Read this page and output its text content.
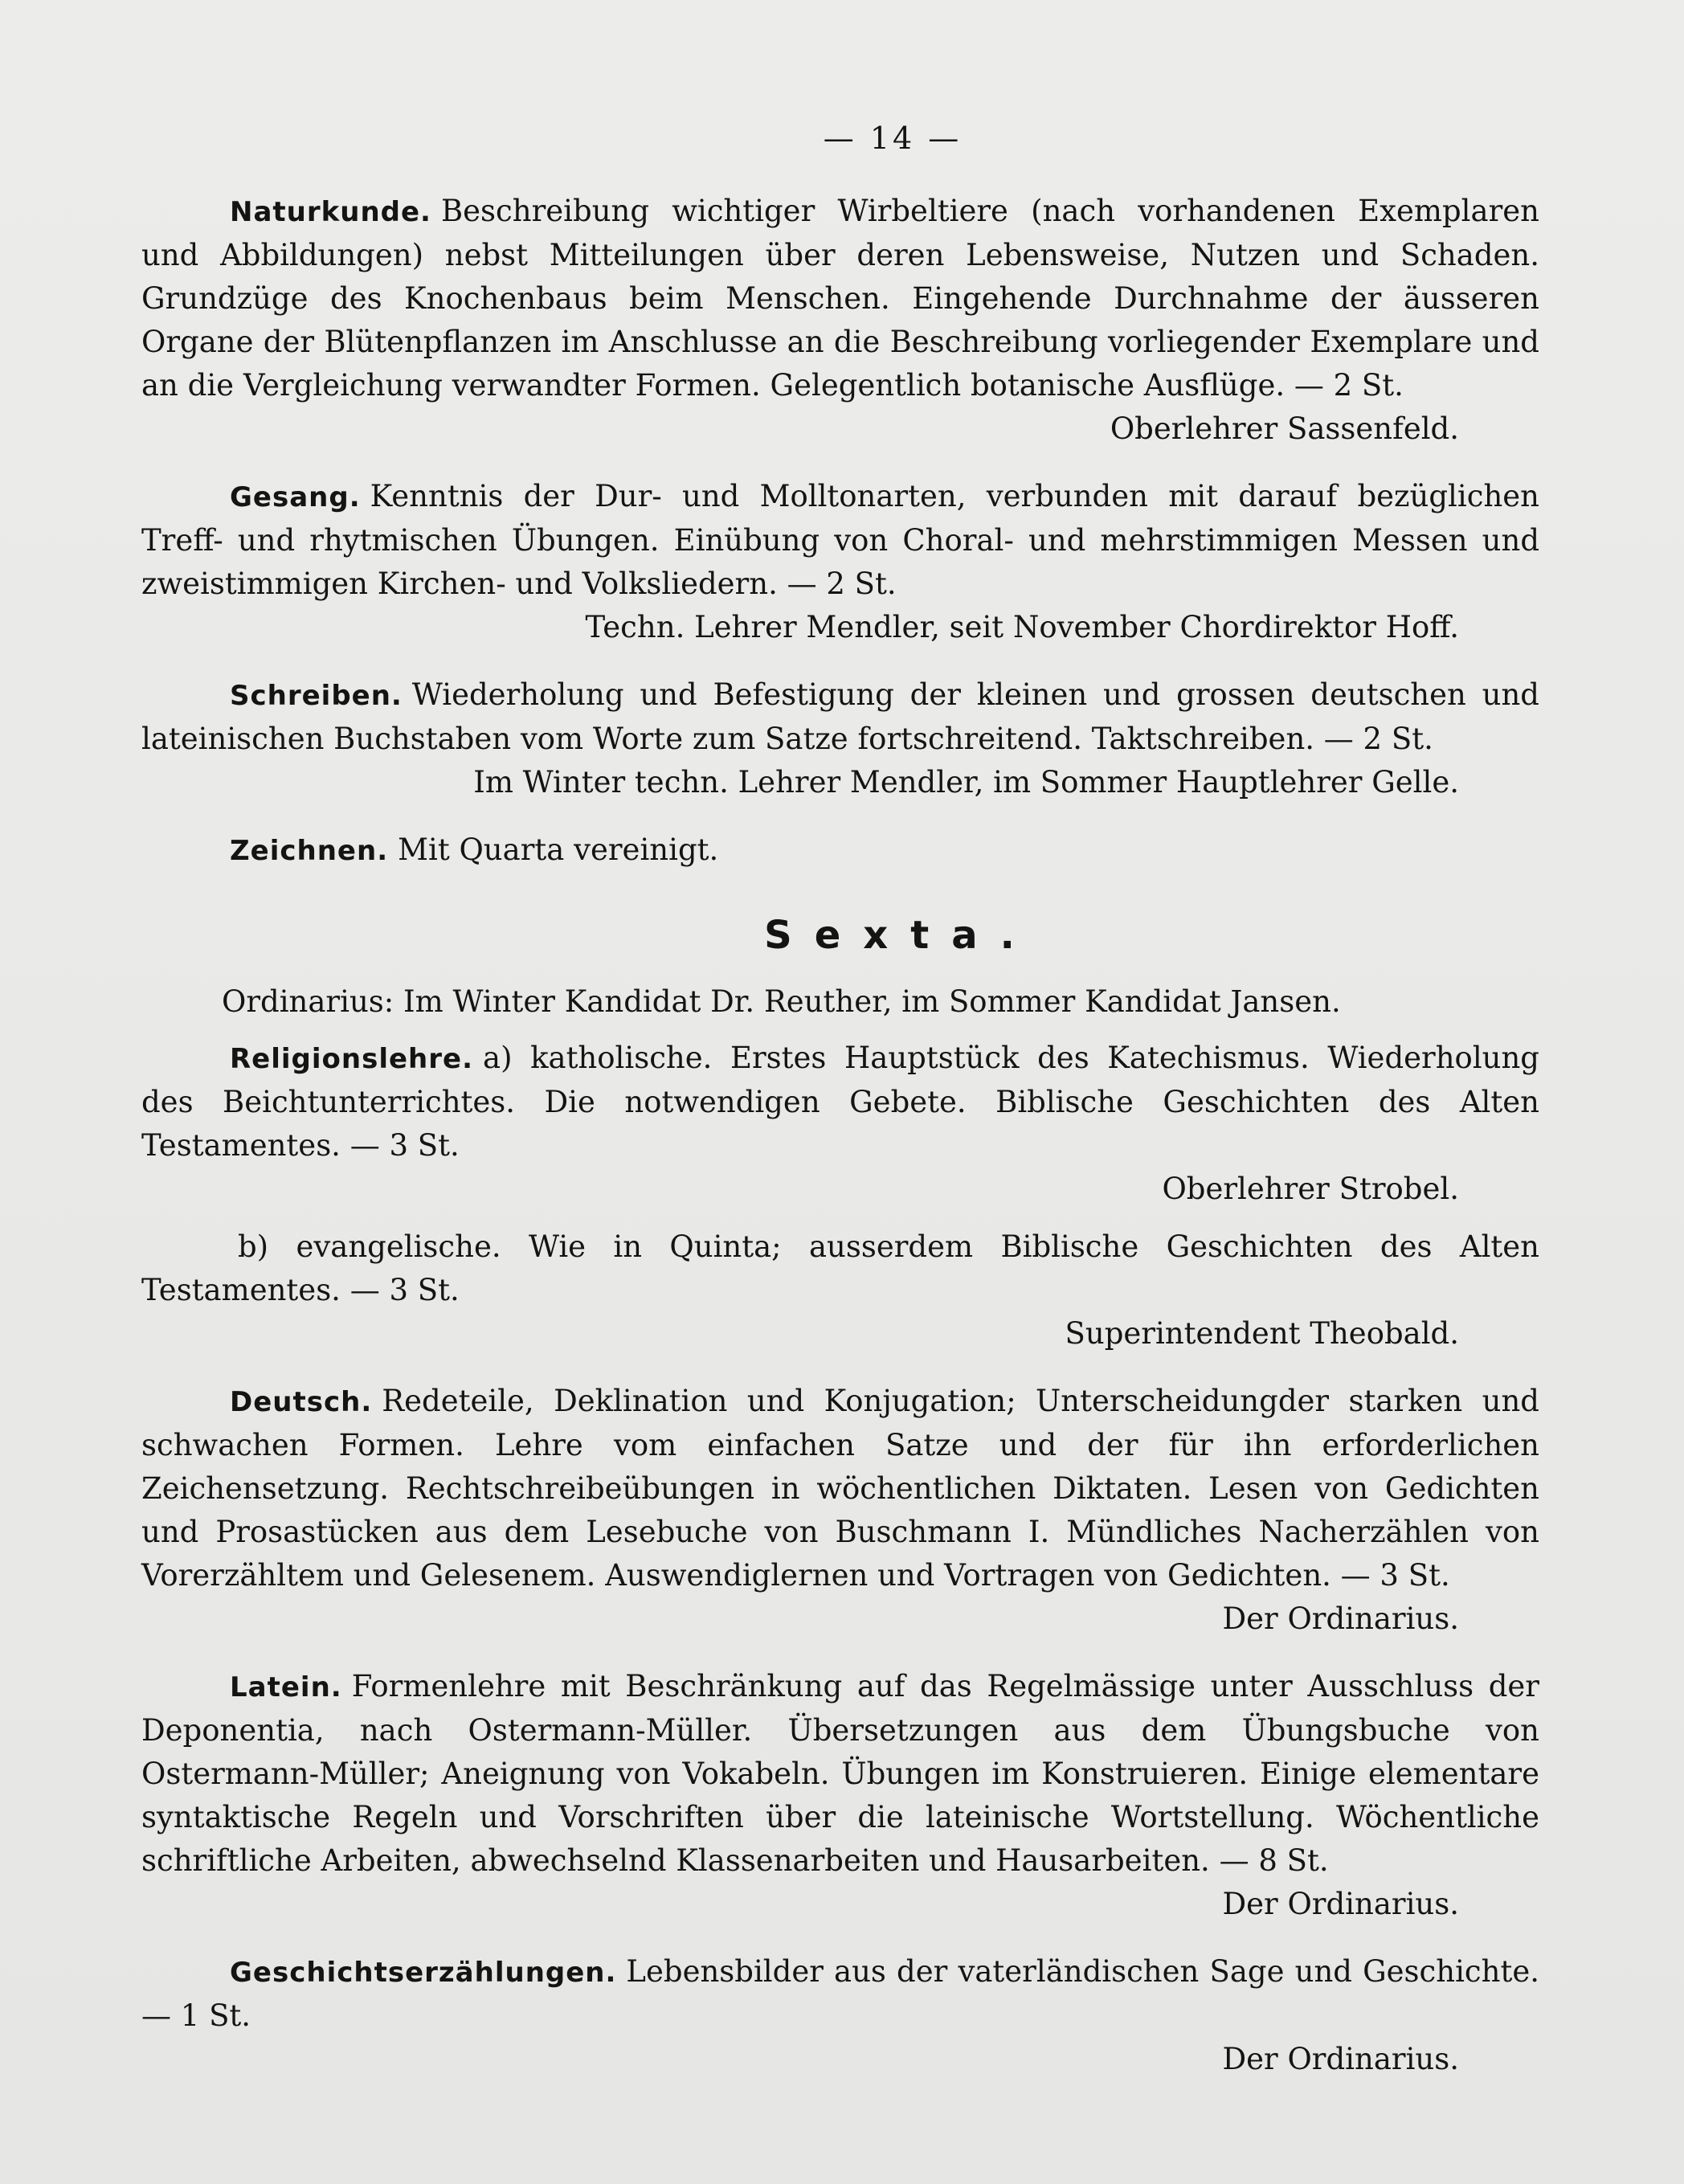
— 14 —

Naturkunde. Beschreibung wichtiger Wirbeltiere (nach vorhandenen Exemplaren und Abbildungen) nebst Mitteilungen über deren Lebensweise, Nutzen und Schaden. Grundzüge des Knochenbaus beim Menschen. Eingehende Durchnahme der äusseren Organe der Blütenpflanzen im Anschlusse an die Beschreibung vorliegender Exemplare und an die Vergleichung verwandter Formen. Gelegentlich botanische Ausflüge. — 2 St.

Oberlehrer Sassenfeld.

Gesang. Kenntnis der Dur- und Molltonarten, verbunden mit darauf bezüglichen Treff- und rhytmischen Übungen. Einübung von Choral- und mehrstimmigen Messen und zweistimmigen Kirchen- und Volksliedern. — 2 St.

Techn. Lehrer Mendler, seit November Chordirektor Hoff.

Schreiben. Wiederholung und Befestigung der kleinen und grossen deutschen und lateinischen Buchstaben vom Worte zum Satze fortschreitend. Taktschreiben. — 2 St.

Im Winter techn. Lehrer Mendler, im Sommer Hauptlehrer Gelle.

Zeichnen. Mit Quarta vereinigt.

Sexta.
Ordinarius: Im Winter Kandidat Dr. Reuther, im Sommer Kandidat Jansen.

Religionslehre. a) katholische. Erstes Hauptstück des Katechismus. Wiederholung des Beichtunterrichtes. Die notwendigen Gebete. Biblische Geschichten des Alten Testamentes. — 3 St.

Oberlehrer Strobel.

b) evangelische. Wie in Quinta; ausserdem Biblische Geschichten des Alten Testamentes. — 3 St.

Superintendent Theobald.

Deutsch. Redeteile, Deklination und Konjugation; Unterscheidungder starken und schwachen Formen. Lehre vom einfachen Satze und der für ihn erforderlichen Zeichensetzung. Rechtschreibeübungen in wöchentlichen Diktaten. Lesen von Gedichten und Prosastücken aus dem Lesebuche von Buschmann I. Mündliches Nacherzählen von Vorerzähltem und Gelesenem. Auswendiglernen und Vortragen von Gedichten. — 3 St.

Der Ordinarius.

Latein. Formenlehre mit Beschränkung auf das Regelmässige unter Ausschluss der Deponentia, nach Ostermann-Müller. Übersetzungen aus dem Übungsbuche von Ostermann-Müller; Aneignung von Vokabeln. Übungen im Konstruieren. Einige elementare syntaktische Regeln und Vorschriften über die lateinische Wortstellung. Wöchentliche schriftliche Arbeiten, abwechselnd Klassenarbeiten und Hausarbeiten. — 8 St.

Der Ordinarius.

Geschichtserzählungen. Lebensbilder aus der vaterländischen Sage und Geschichte. — 1 St.

Der Ordinarius.
